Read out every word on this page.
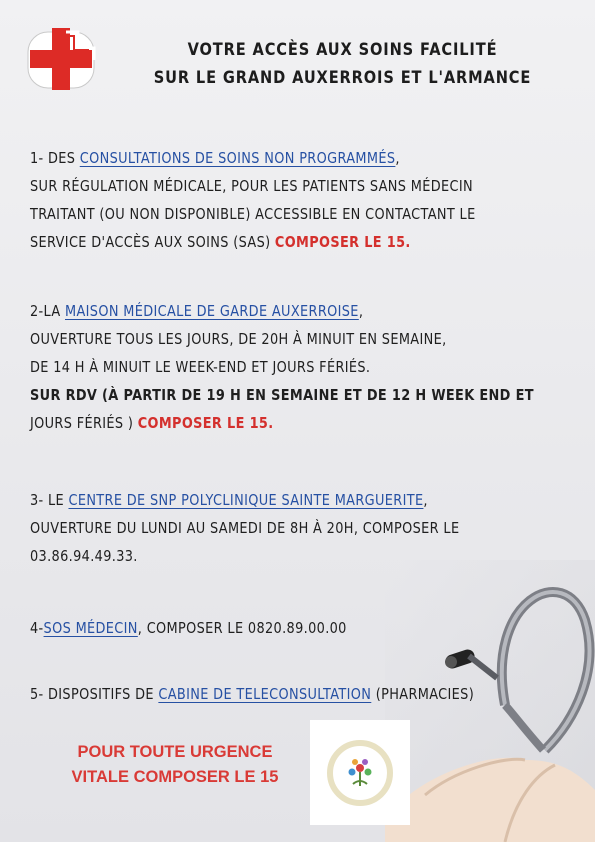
VOTRE ACCÈS AUX SOINS FACILITÉ
SUR LE GRAND AUXERROIS ET L'ARMANCE
1- DES CONSULTATIONS DE SOINS NON PROGRAMMÉS,
SUR RÉGULATION MÉDICALE, POUR LES PATIENTS SANS MÉDECIN
TRAITANT (OU NON DISPONIBLE) ACCESSIBLE EN CONTACTANT LE
SERVICE D'ACCÈS AUX SOINS (SAS) COMPOSER LE 15.
2-LA MAISON MÉDICALE DE GARDE AUXERROISE,
OUVERTURE TOUS LES JOURS, DE 20H À MINUIT EN SEMAINE,
DE 14 H À MINUIT LE WEEK-END ET JOURS FÉRIÉS.
SUR RDV (À PARTIR DE 19 H EN SEMAINE ET DE 12 H WEEK END ET
JOURS FÉRIÉS ) COMPOSER LE 15.
3- LE CENTRE DE SNP POLYCLINIQUE SAINTE MARGUERITE,
OUVERTURE DU LUNDI AU SAMEDI DE 8H À 20H, COMPOSER LE
03.86.94.49.33.
4-SOS MÉDECIN, COMPOSER LE 0820.89.00.00
5- DISPOSITIFS DE CABINE DE TELECONSULTATION (PHARMACIES)
POUR TOUTE URGENCE
VITALE COMPOSER LE 15
